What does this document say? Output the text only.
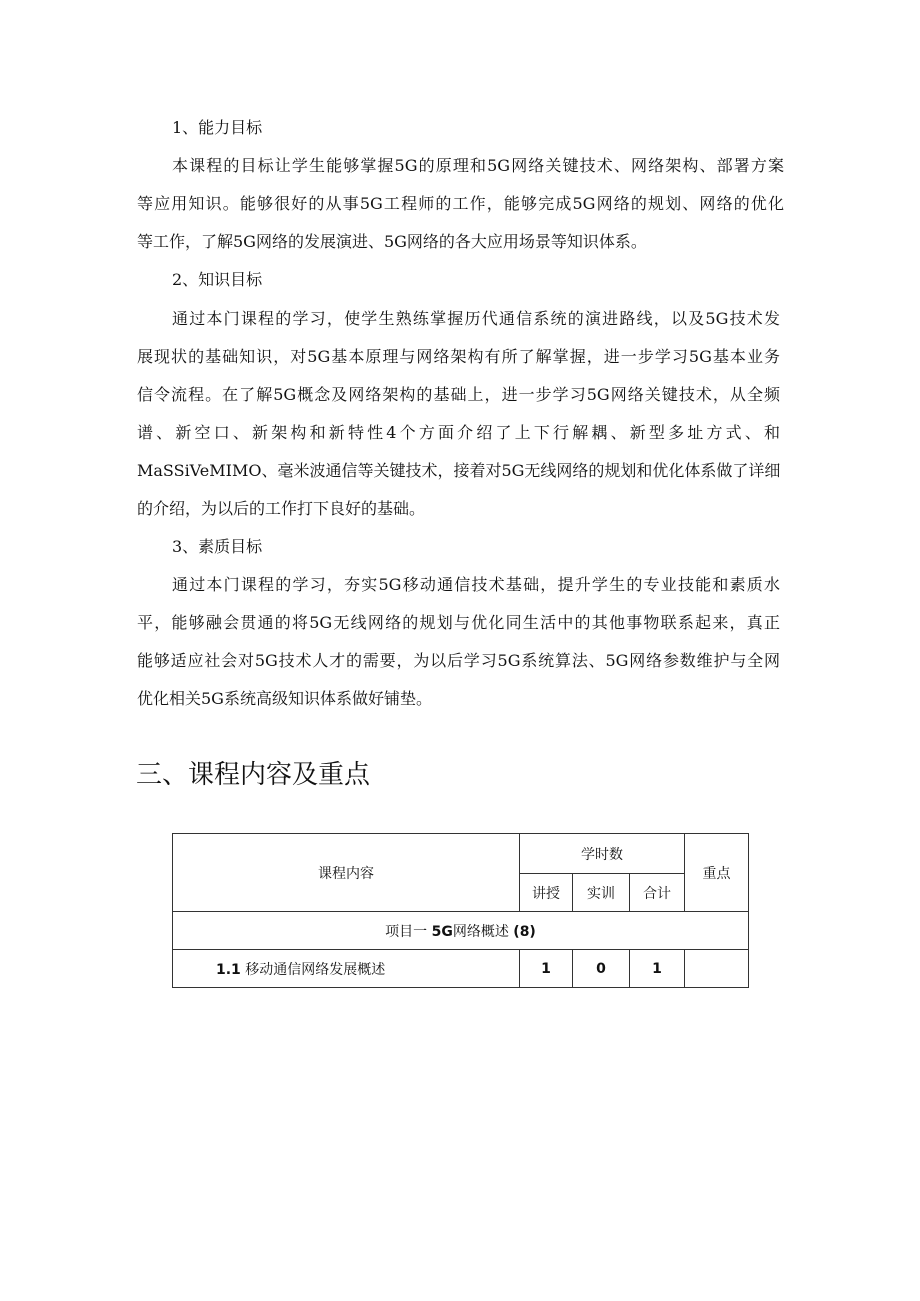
1、能力目标
本课程的目标让学生能够掌握5G的原理和5G网络关键技术、网络架构、部署方案
等应用知识。能够很好的从事5G工程师的工作，能够完成5G网络的规划、网络的优化
等工作，了解5G网络的发展演进、5G网络的各大应用场景等知识体系。
2、知识目标
通过本门课程的学习，使学生熟练掌握历代通信系统的演进路线，以及5G技术发
展现状的基础知识，对5G基本原理与网络架构有所了解掌握，进一步学习5G基本业务
信令流程。在了解5G概念及网络架构的基础上，进一步学习5G网络关键技术，从全频
谱、新空口、新架构和新特性4个方面介绍了上下行解耦、新型多址方式、和
MaSSiVeMIMO、毫米波通信等关键技术，接着对5G无线网络的规划和优化体系做了详细
的介绍，为以后的工作打下良好的基础。
3、素质目标
通过本门课程的学习，夯实5G移动通信技术基础，提升学生的专业技能和素质水
平，能够融会贯通的将5G无线网络的规划与优化同生活中的其他事物联系起来，真正
能够适应社会对5G技术人才的需要，为以后学习5G系统算法、5G网络参数维护与全网
优化相关5G系统高级知识体系做好铺垫。
三、课程内容及重点
课程内容	学时数			重点
	讲授	实训	合计	
项目一 5G网络概述 (8)				
1.1 移动通信网络发展概述	1	0	1	
